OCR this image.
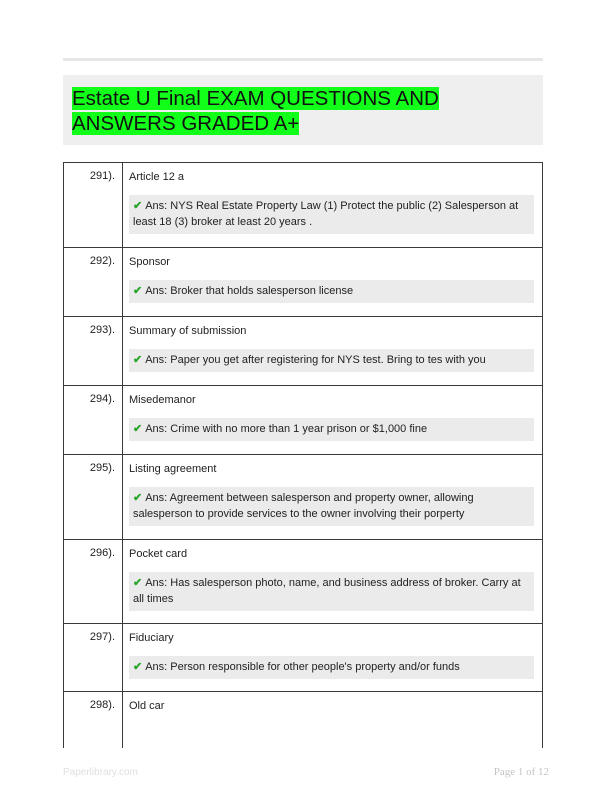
Estate U Final EXAM QUESTIONS AND ANSWERS GRADED A+
291).	Article 12 a
✔ Ans: NYS Real Estate Property Law (1) Protect the public (2) Salesperson at least 18 (3) broker at least 20 years .

292).	Sponsor
✔ Ans: Broker that holds salesperson license

293).	Summary of submission
✔ Ans: Paper you get after registering for NYS test. Bring to tes with you

294).	Misedemanor
✔ Ans: Crime with no more than 1 year prison or $1,000 fine

295).	Listing agreement
✔ Ans: Agreement between salesperson and property owner, allowing salesperson to provide services to the owner involving their porperty

296).	Pocket card
✔ Ans: Has salesperson photo, name, and business address of broker. Carry at all times

297).	Fiduciary
✔ Ans: Person responsible for other people's property and/or funds

298).	Old car
Paperlibrary.com	Page 1 of 12
